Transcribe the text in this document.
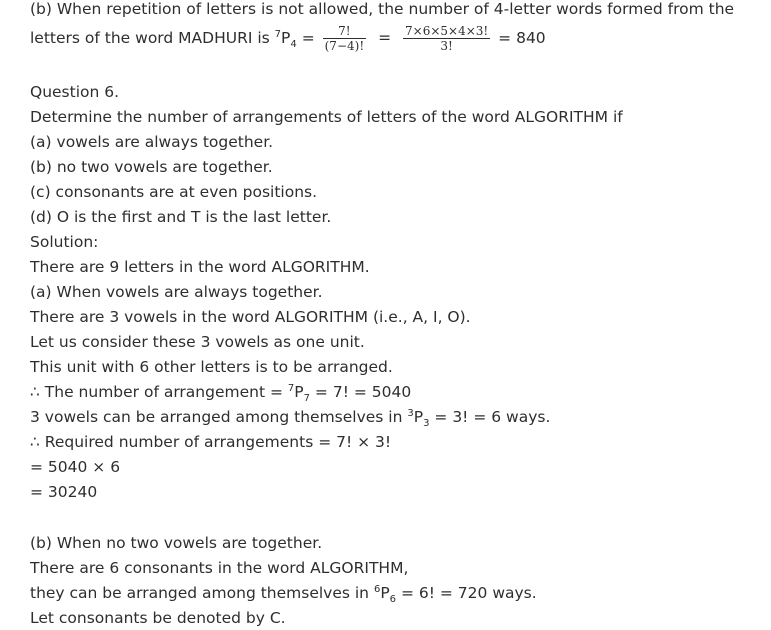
(b) When repetition of letters is not allowed, the number of 4-letter words formed from the
letters of the word MADHURI is $^7P_4 = \frac{7!}{(7-4)!} = \frac{7\times 6\times 5\times 4\times 3!}{3!} = 840$
Question 6.
Determine the number of arrangements of letters of the word ALGORITHM if
(a) vowels are always together.
(b) no two vowels are together.
(c) consonants are at even positions.
(d) O is the first and T is the last letter.
Solution:
There are 9 letters in the word ALGORITHM.
(a) When vowels are always together.
There are 3 vowels in the word ALGORITHM (i.e., A, I, O).
Let us consider these 3 vowels as one unit.
This unit with 6 other letters is to be arranged.
∴ The number of arrangement = $^7P_7 = 7$! = 5040
3 vowels can be arranged among themselves in $^3P_3 = 3$! = 6 ways.
∴ Required number of arrangements = 7! × 3!
= 5040 × 6
= 30240
(b) When no two vowels are together.
There are 6 consonants in the word ALGORITHM,
they can be arranged among themselves in $^6P_6 = 6$! = 720 ways.
Let consonants be denoted by C.
